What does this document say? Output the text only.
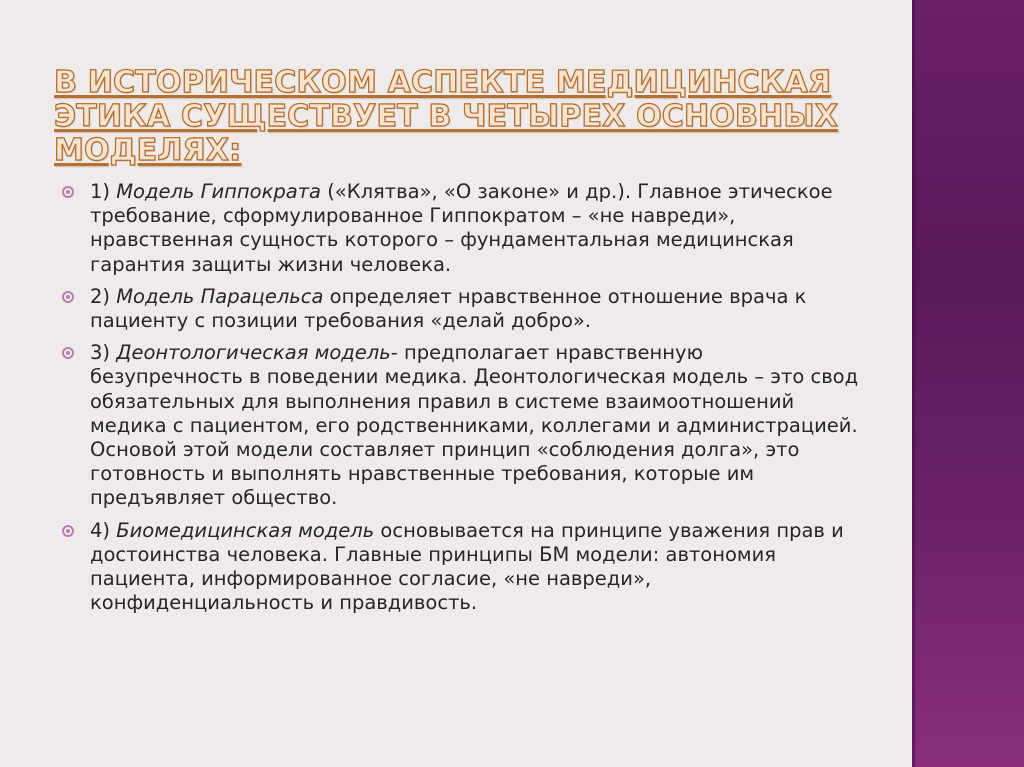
В ИСТОРИЧЕСКОМ АСПЕКТЕ МЕДИЦИНСКАЯ ЭТИКА СУЩЕСТВУЕТ В ЧЕТЫРЕХ ОСНОВНЫХ МОДЕЛЯХ:
1) Модель Гиппократа («Клятва», «О законе» и др.). Главное этическое требование, сформулированное Гиппократом – «не навреди», нравственная сущность которого – фундаментальная медицинская гарантия защиты жизни человека.
2) Модель Парацельса определяет нравственное отношение врача к пациенту с позиции требования «делай добро».
3) Деонтологическая модель- предполагает нравственную безупречность в поведении медика. Деонтологическая модель – это свод обязательных для выполнения правил в системе взаимоотношений медика с пациентом, его родственниками, коллегами и администрацией. Основой этой модели составляет принцип «соблюдения долга», это готовность и выполнять нравственные требования, которые им предъявляет общество.
4) Биомедицинская модель основывается на принципе уважения прав и достоинства человека. Главные принципы БМ модели: автономия пациента, информированное согласие, «не навреди», конфиденциальность и правдивость.
